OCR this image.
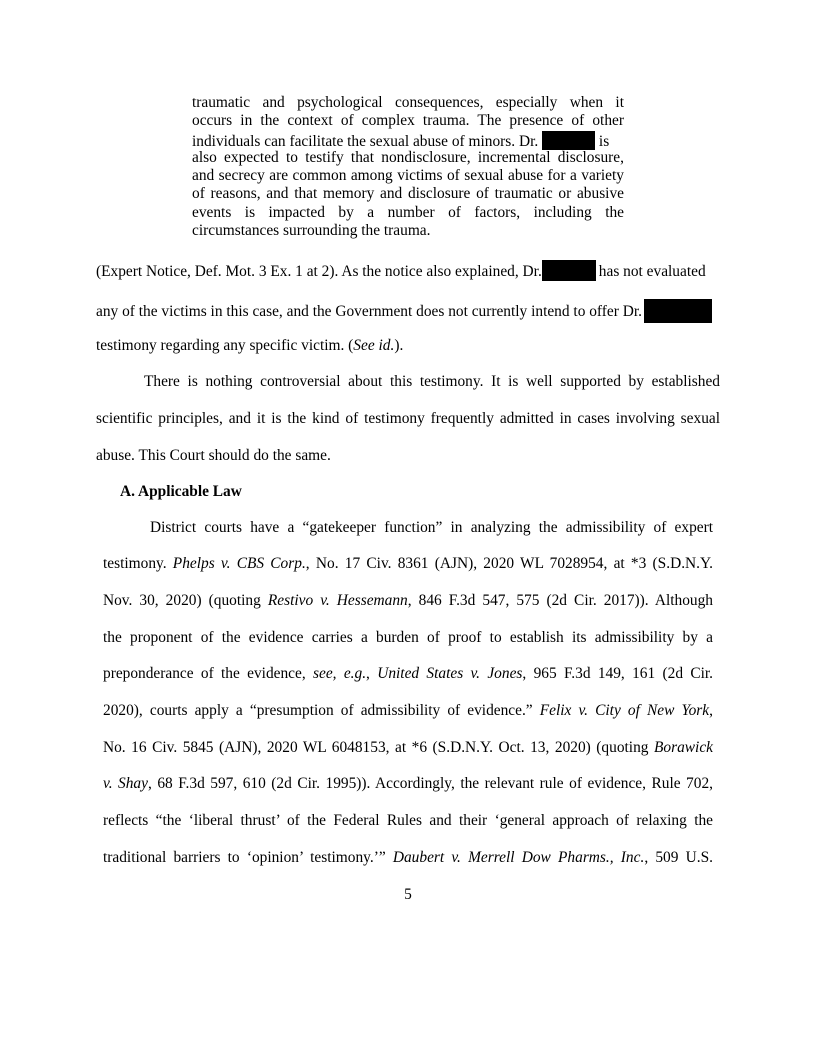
traumatic and psychological consequences, especially when it
occurs in the context of complex trauma. The presence of other
individuals can facilitate the sexual abuse of minors. Dr.	is
also expected to testify that nondisclosure, incremental disclosure,
and secrecy are common among victims of sexual abuse for a variety
of reasons, and that memory and disclosure of traumatic or abusive
events is impacted by a number of factors, including the
circumstances surrounding the trauma.
(Expert Notice, Def. Mot. 3 Ex. 1 at 2). As the notice also explained, Dr.	has not evaluated
any of the victims in this case, and the Government does not currently intend to offer Dr.
testimony regarding any specific victim. (See id.).
There is nothing controversial about this testimony. It is well supported by established
scientific principles, and it is the kind of testimony frequently admitted in cases involving sexual
abuse. This Court should do the same.
A. Applicable Law
District courts have a “gatekeeper function” in analyzing the admissibility of expert
testimony. Phelps v. CBS Corp., No. 17 Civ. 8361 (AJN), 2020 WL 7028954, at *3 (S.D.N.Y.
Nov. 30, 2020) (quoting Restivo v. Hessemann, 846 F.3d 547, 575 (2d Cir. 2017)). Although
the proponent of the evidence carries a burden of proof to establish its admissibility by a
preponderance of the evidence, see, e.g., United States v. Jones, 965 F.3d 149, 161 (2d Cir.
2020), courts apply a “presumption of admissibility of evidence.” Felix v. City of New York,
No. 16 Civ. 5845 (AJN), 2020 WL 6048153, at *6 (S.D.N.Y. Oct. 13, 2020) (quoting Borawick
v. Shay, 68 F.3d 597, 610 (2d Cir. 1995)). Accordingly, the relevant rule of evidence, Rule 702,
reflects “the ‘liberal thrust’ of the Federal Rules and their ‘general approach of relaxing the
traditional barriers to ‘opinion’ testimony.’” Daubert v. Merrell Dow Pharms., Inc., 509 U.S.
5
